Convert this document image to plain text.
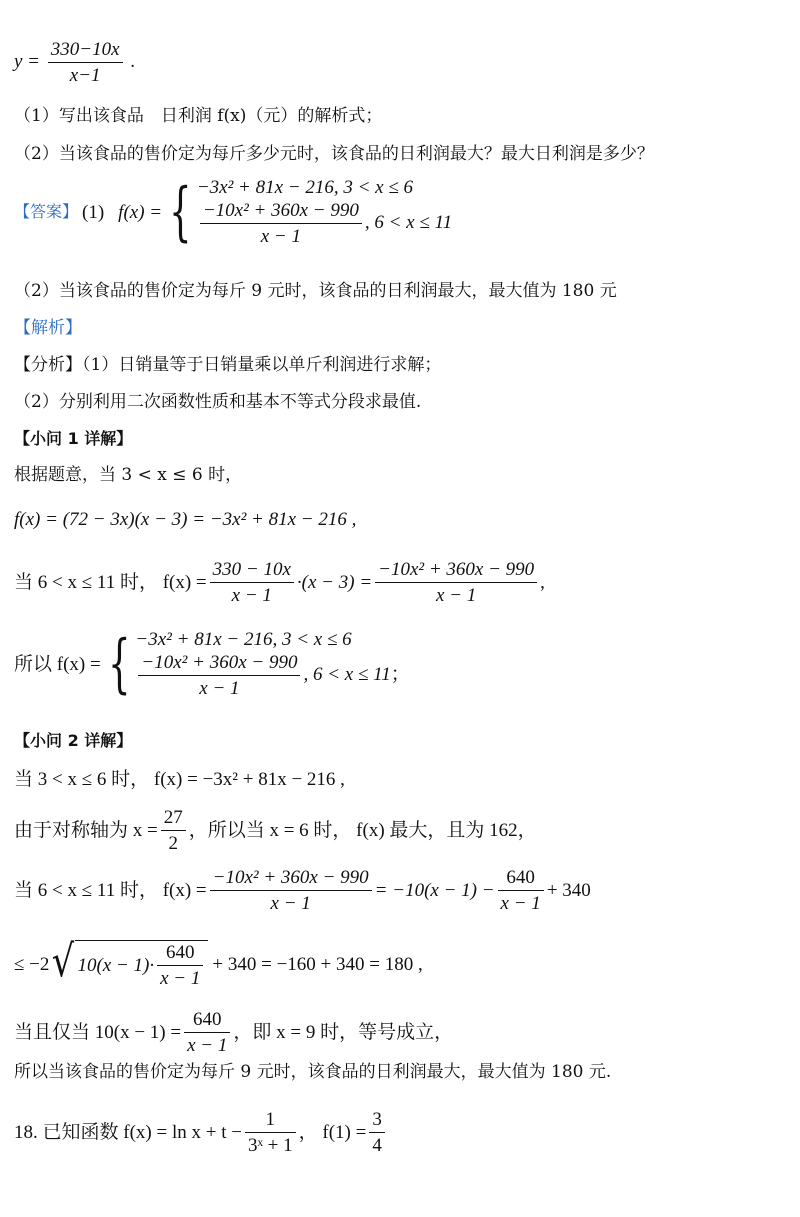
$y = \frac{330-10x}{x-1}$ .
（1）写出该食品　日利润 f(x)（元）的解析式；
（2）当该食品的售价定为每斤多少元时，该食品的日利润最大？最大日利润是多少？
【答案】 (1) f(x) = { −3x² + 81x − 216, 3 < x ≤ 6
$\frac{\text{−10x² + 360x − 990}}{x - 1}$ , 6 < x ≤ 11
（2）当该食品的售价定为每斤 9 元时，该食品的日利润最大，最大值为 180 元
【解析】
【分析】（1）日销量等于日销量乘以单斤利润进行求解；
（2）分别利用二次函数性质和基本不等式分段求最值.
【小问 1 详解】
根据题意，当 3 < x ≤ 6 时，
f(x) = (72 − 3x)(x − 3) = −3x² + 81x − 216 ,
当 6 < x ≤ 11 时， $f(x) = \frac{330 - 10x}{x - 1} \cdot(x - 3) = \frac{\text{−10x² + 360x − 990}}{x - 1}$ ,
所以 f(x) = { −3x² + 81x − 216, 3 < x ≤ 6
$\frac{\text{−10x² + 360x − 990}}{x - 1}$ , 6 < x ≤ 11；
【小问 2 详解】
当 3 < x ≤ 6 时， f(x) = −3x² + 81x − 216 ,
由于对称轴为 $x = \frac{27}{2}$ ，所以当 x = 6 时， f(x) 最大，且为 162，
当 6 < x ≤ 11 时， $f(x) = \frac{\text{−10x² + 360x − 990}}{x - 1} = -10(x - 1) - \frac{640}{x - 1} + 340$
≤ −2 √ $10(x - 1)\cdot \frac{640}{x - 1} + 340 = -160 + 340 = 180$ ,
当且仅当 $10(x - 1) = \frac{640}{x - 1}$ ，即 x = 9 时，等号成立，
所以当该食品的售价定为每斤 9 元时，该食品的日利润最大，最大值为 180 元.
18. 已知函数 $f(x) = \ln x + t - \frac{1}{\text{3ˣ + 1}}$ ， $f(1) = \frac{3}{4}$
